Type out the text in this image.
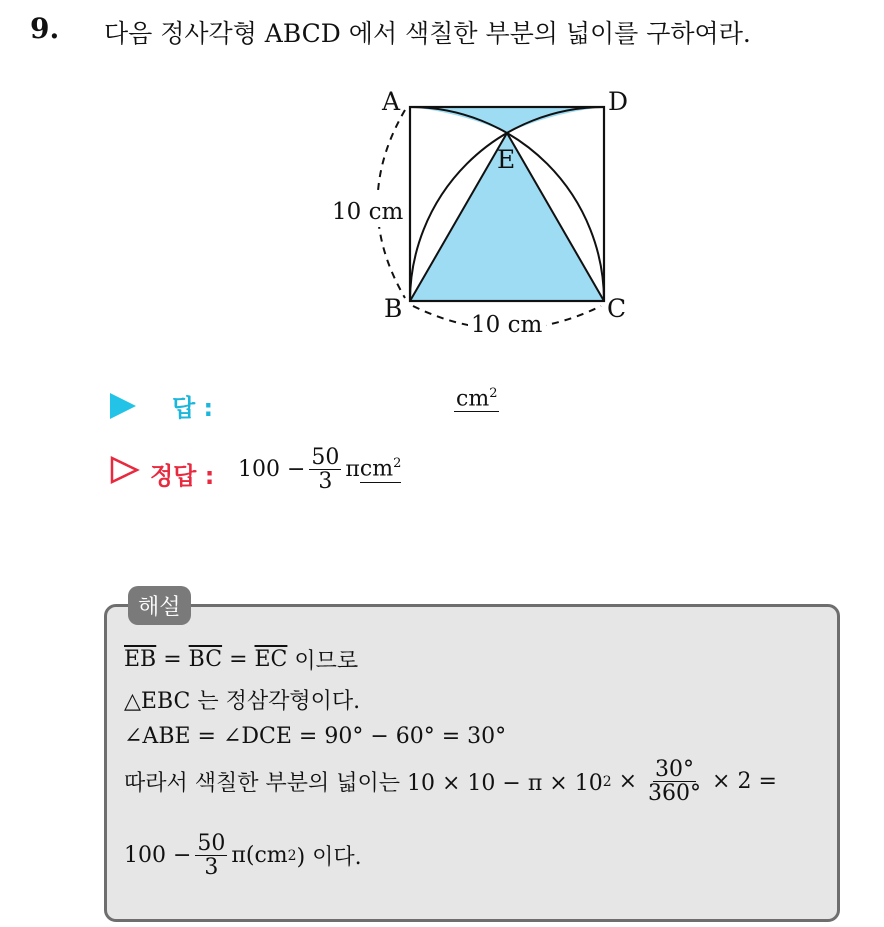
9. 다음 정사각형 ABCD 에서 색칠한 부분의 넓이를 구하여라.
A	D
E
B	C
10 cm
10 cm
답 :	$cm^2$
정답 : $100 - \frac{50}{3}$ π $cm^2$
해설
$\overline{EB} = \overline{BC} = \overline{EC}$ 이므로
△EBC 는 정삼각형이다.
∠ABE = ∠DCE = 90° − 60° = 30°
따라서 색칠한 부분의 넓이는 10 × 10 − π × 10 $2 \times \frac{30^\circ}{360^\circ} \times 2$ =
$100 - \frac{50}{3} \pi(cm$ 2 ) 이다.
